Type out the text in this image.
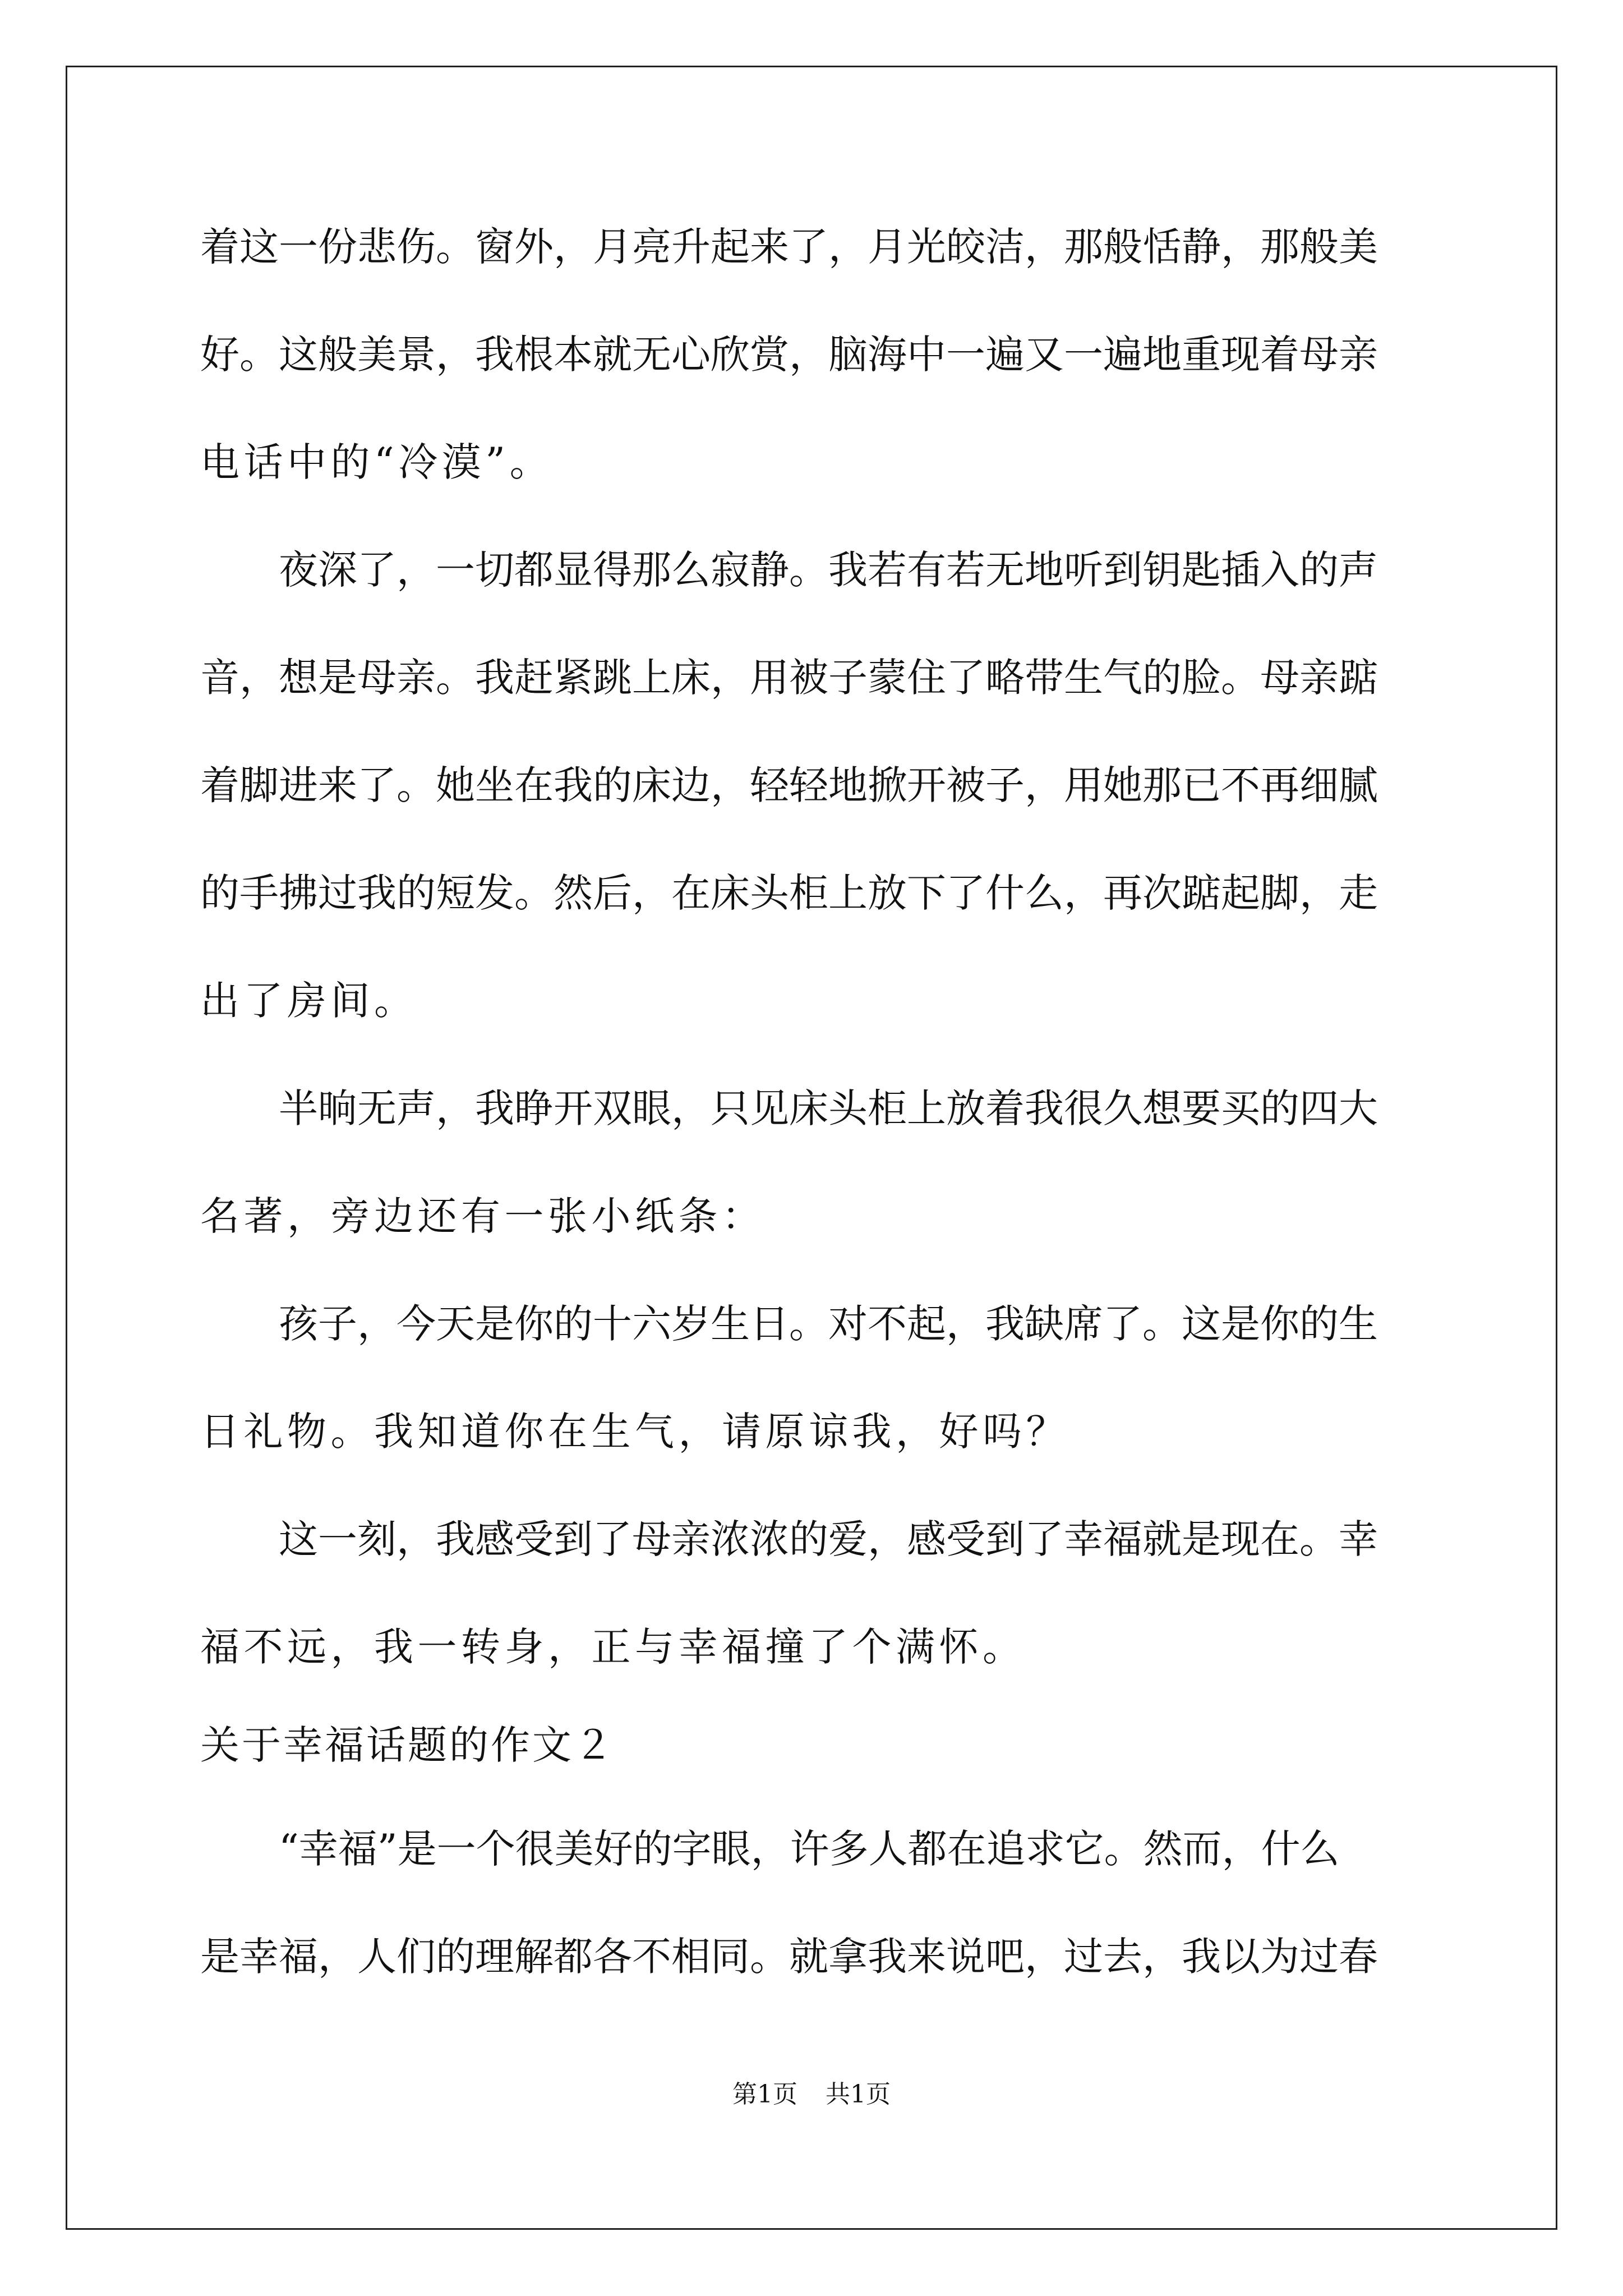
着这一份悲伤。窗外，月亮升起来了，月光皎洁，那般恬静，那般美
好。这般美景，我根本就无心欣赏，脑海中一遍又一遍地重现着母亲
电话中的“冷漠”。
　　夜深了，一切都显得那么寂静。我若有若无地听到钥匙插入的声
音，想是母亲。我赶紧跳上床，用被子蒙住了略带生气的脸。母亲踮
着脚进来了。她坐在我的床边，轻轻地掀开被子，用她那已不再细腻
的手拂过我的短发。然后，在床头柜上放下了什么，再次踮起脚，走
出了房间。
　　半晌无声，我睁开双眼，只见床头柜上放着我很久想要买的四大
名著，旁边还有一张小纸条：
　　孩子，今天是你的十六岁生日。对不起，我缺席了。这是你的生
日礼物。我知道你在生气，请原谅我，好吗？
　　这一刻，我感受到了母亲浓浓的爱，感受到了幸福就是现在。幸
福不远，我一转身，正与幸福撞了个满怀。
关于幸福话题的作文２
　　“幸福”是一个很美好的字眼，许多人都在追求它。然而，什么
是幸福，人们的理解都各不相同。就拿我来说吧，过去，我以为过春
第1页 共1页
